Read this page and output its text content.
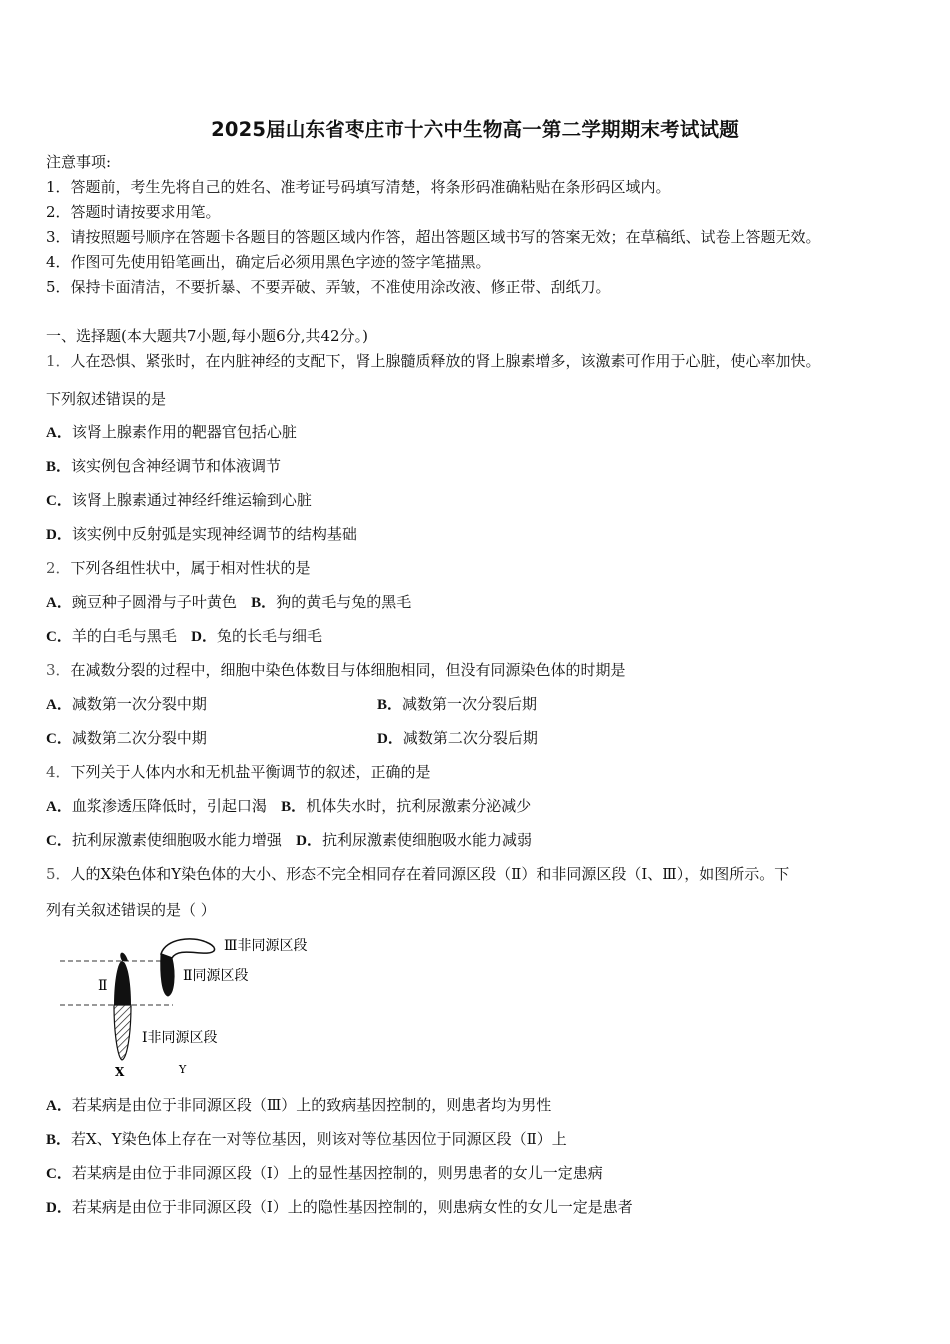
2025届山东省枣庄市十六中生物高一第二学期期末考试试题
注意事项:
1．答题前，考生先将自己的姓名、准考证号码填写清楚，将条形码准确粘贴在条形码区域内。
2．答题时请按要求用笔。
3．请按照题号顺序在答题卡各题目的答题区域内作答，超出答题区域书写的答案无效；在草稿纸、试卷上答题无效。
4．作图可先使用铅笔画出，确定后必须用黑色字迹的签字笔描黑。
5．保持卡面清洁，不要折暴、不要弄破、弄皱，不准使用涂改液、修正带、刮纸刀。
一、选择题(本大题共7小题,每小题6分,共42分。)
1．人在恐惧、紧张时，在内脏神经的支配下，肾上腺髓质释放的肾上腺素增多，该激素可作用于心脏，使心率加快。
下列叙述错误的是
A．该肾上腺素作用的靶器官包括心脏
B．该实例包含神经调节和体液调节
C．该肾上腺素通过神经纤维运输到心脏
D．该实例中反射弧是实现神经调节的结构基础
2．下列各组性状中，属于相对性状的是
A．豌豆种子圆滑与子叶黄色 B．狗的黄毛与兔的黑毛
C．羊的白毛与黑毛 D．兔的长毛与细毛
3．在减数分裂的过程中，细胞中染色体数目与体细胞相同，但没有同源染色体的时期是
A．减数第一次分裂中期	B．减数第一次分裂后期
C．减数第二次分裂中期	D．减数第二次分裂后期
4．下列关于人体内水和无机盐平衡调节的叙述，正确的是
A．血浆渗透压降低时，引起口渴 B．机体失水时，抗利尿激素分泌减少
C．抗利尿激素使细胞吸水能力增强 D．抗利尿激素使细胞吸水能力减弱
5．人的X染色体和Y染色体的大小、形态不完全相同存在着同源区段（Ⅱ）和非同源区段（Ⅰ、Ⅲ），如图所示。下
列有关叙述错误的是（ ）
Ⅱ
Ⅲ非同源区段
Ⅱ同源区段
Ⅰ非同源区段
X	Y
A．若某病是由位于非同源区段（Ⅲ）上的致病基因控制的，则患者均为男性
B．若X、Y染色体上存在一对等位基因，则该对等位基因位于同源区段（Ⅱ）上
C．若某病是由位于非同源区段（I）上的显性基因控制的，则男患者的女儿一定患病
D．若某病是由位于非同源区段（I）上的隐性基因控制的，则患病女性的女儿一定是患者
